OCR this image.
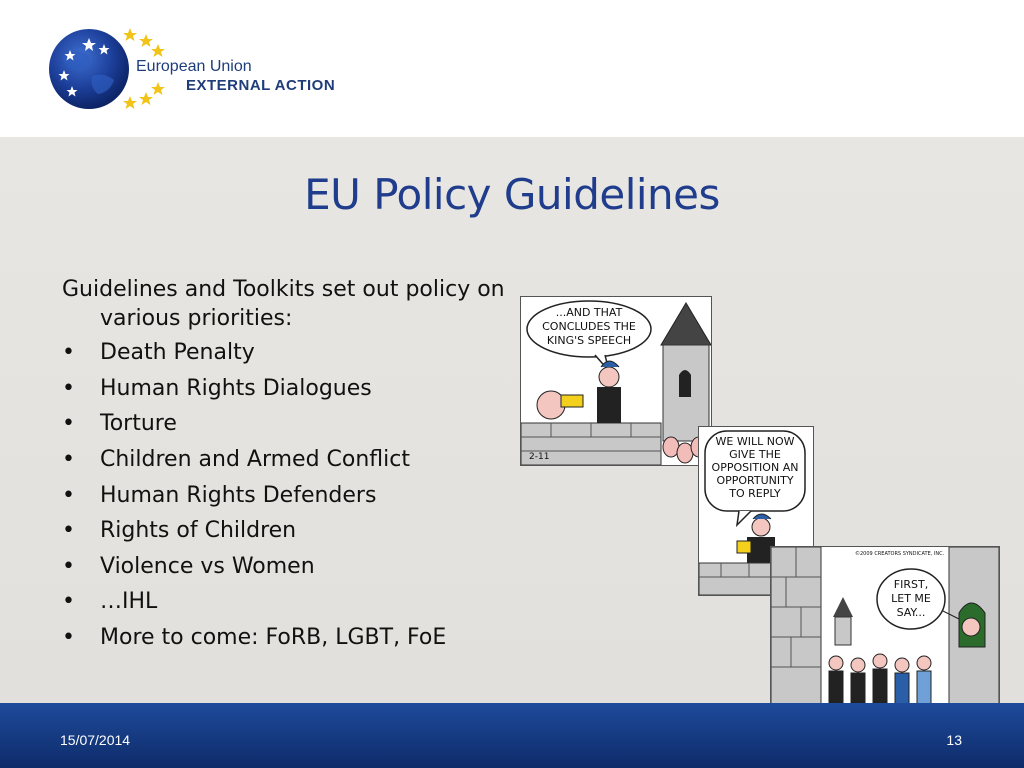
European Union
EXTERNAL ACTION
EU Policy Guidelines
Guidelines and Toolkits set out policy on various priorities:
• Death Penalty
• Human Rights Dialogues
• Torture
• Children and Armed Conflict
• Human Rights Defenders
• Rights of Children
• Violence vs Women
• …IHL
• More to come: FoRB, LGBT, FoE
...AND THAT
CONCLUDES THE
KING'S SPEECH
2-11
WE WILL NOW
GIVE THE
OPPOSITION AN
OPPORTUNITY
TO REPLY
FIRST,
LET ME
SAY...
©2009 CREATORS SYNDICATE, INC.
15/07/2014	13
